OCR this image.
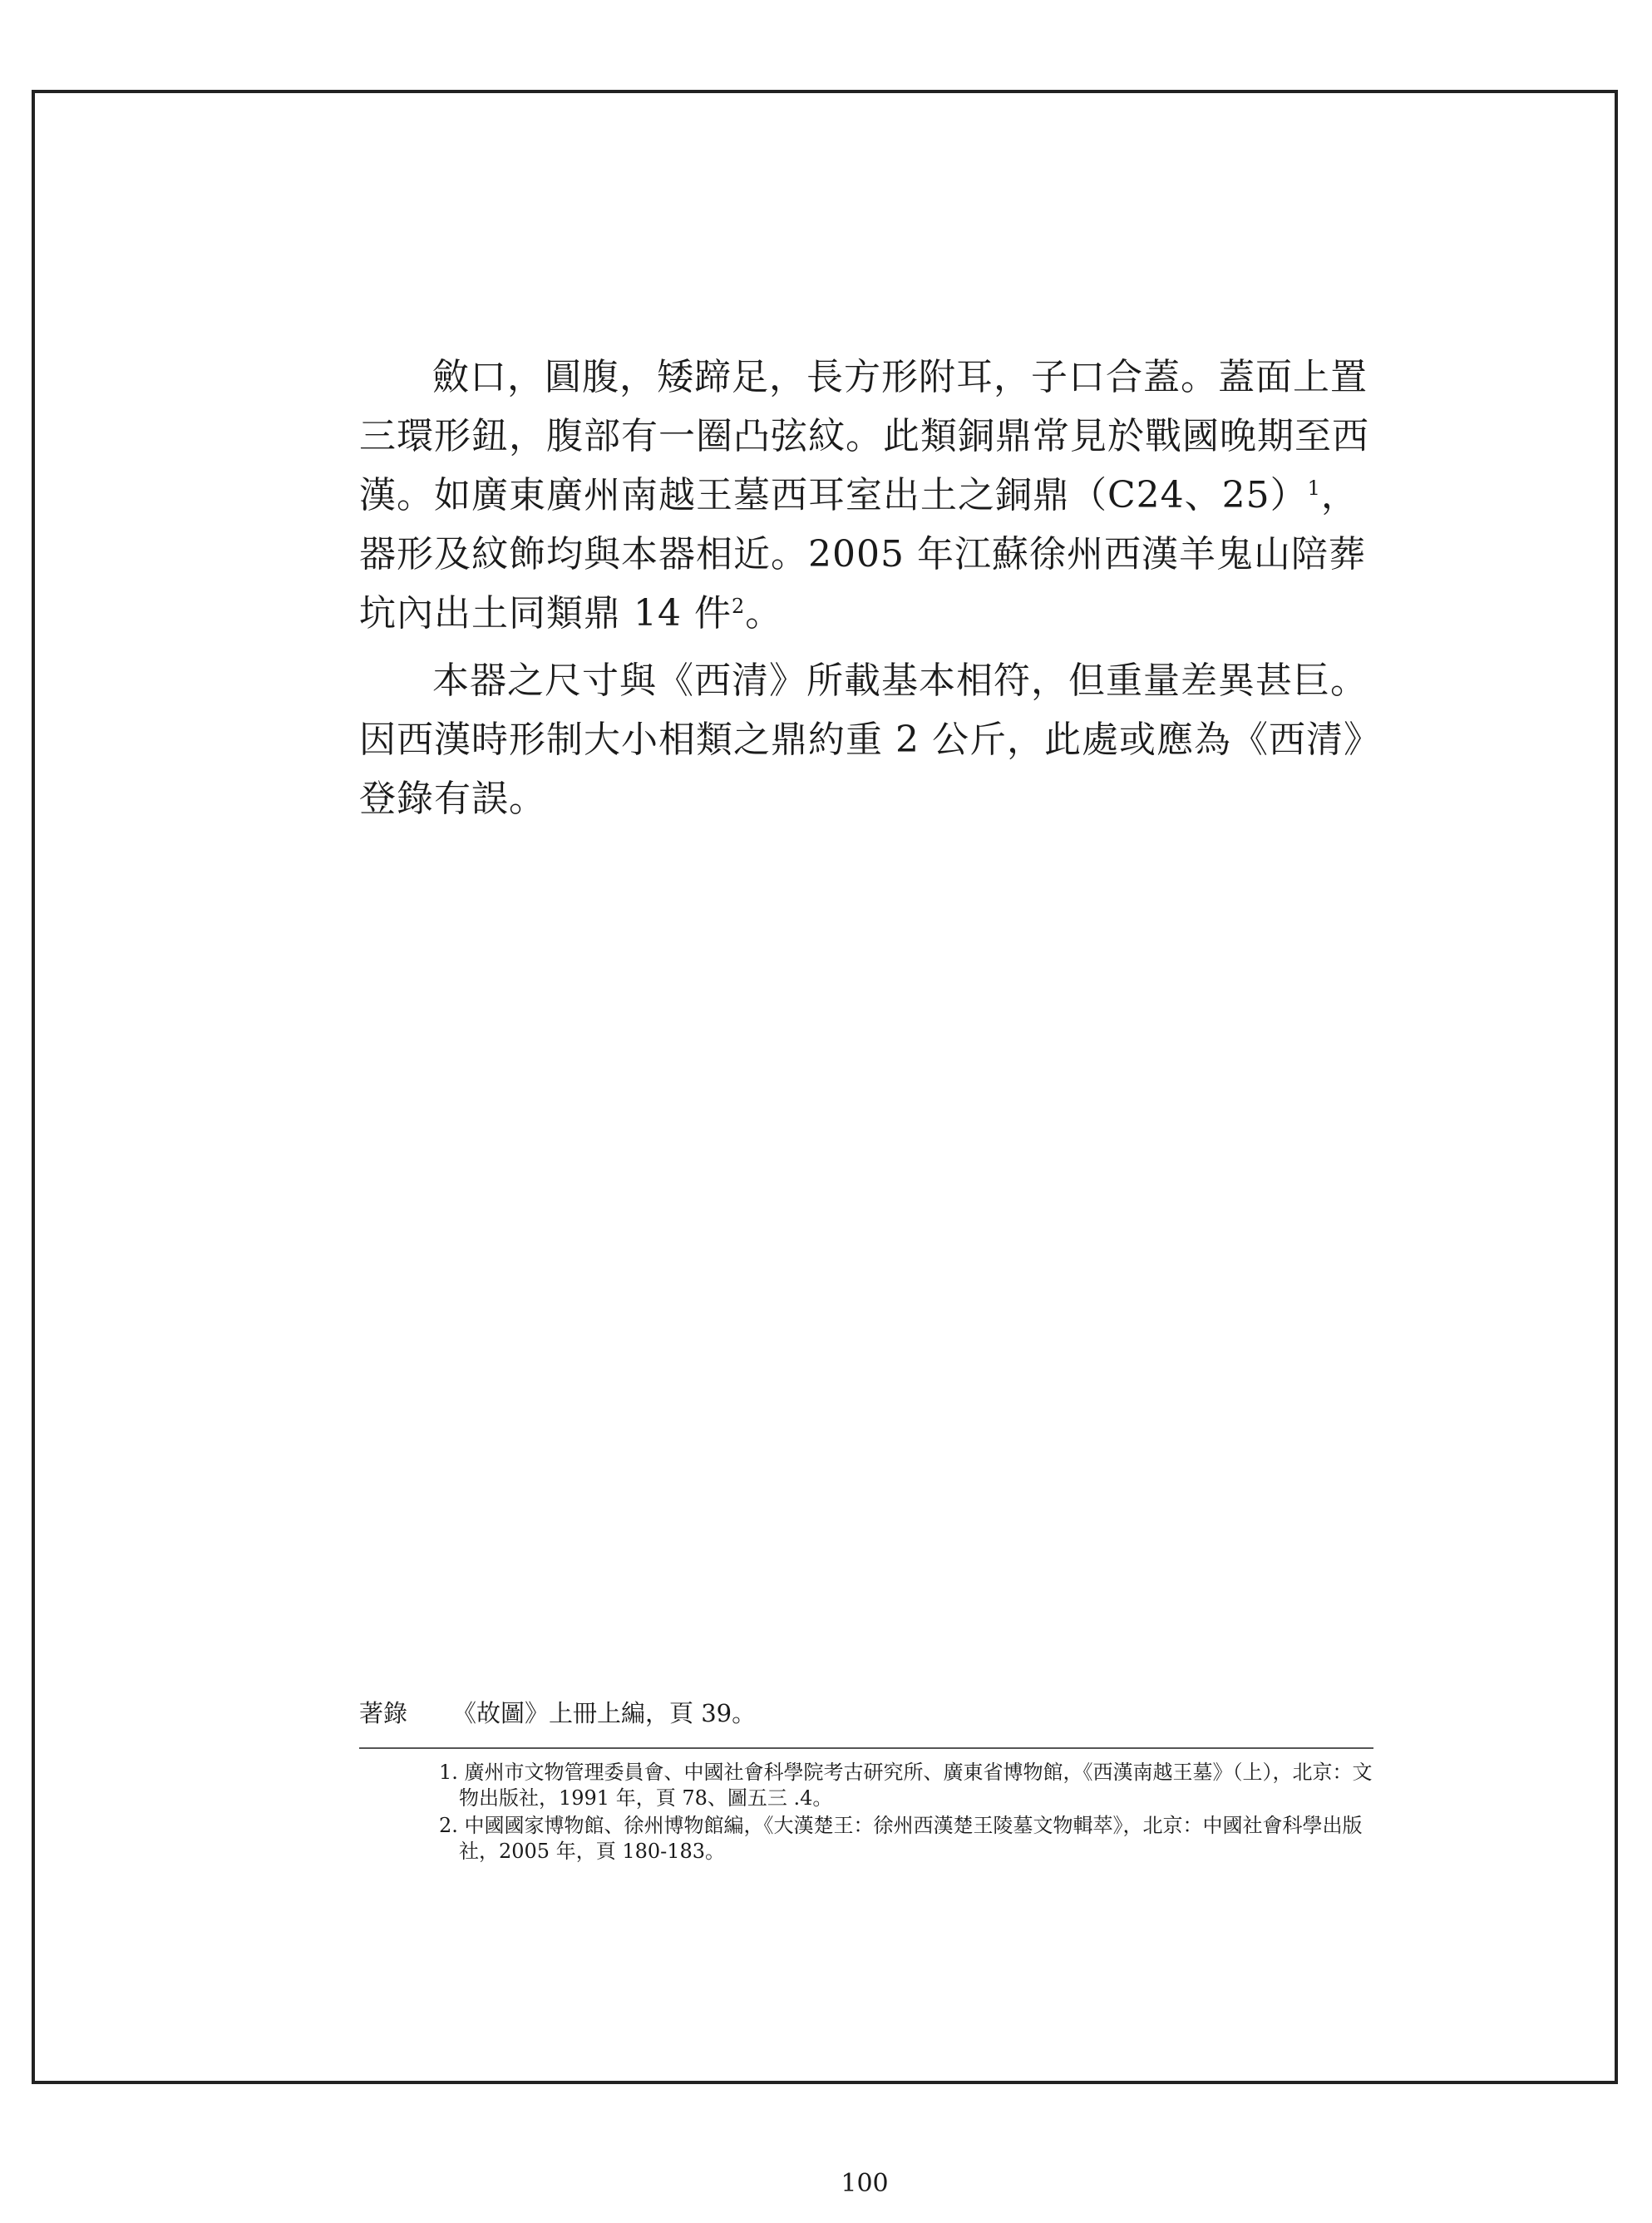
斂口，圓腹，矮蹄足，長方形附耳，子口合蓋。蓋面上置三環形鈕，腹部有一圈凸弦紋。此類銅鼎常見於戰國晚期至西漢。如廣東廣州南越王墓西耳室出土之銅鼎（C24、25）$^1$，器形及紋飾均與本器相近。2005 年江蘇徐州西漢羊鬼山陪葬坑內出土同類鼎 14 件$^2$。

本器之尺寸與《西清》所載基本相符，但重量差異甚巨。因西漢時形制大小相類之鼎約重 2 公斤，此處或應為《西清》登錄有誤。

著錄 《故圖》上冊上編，頁 39。
1. 廣州市文物管理委員會、中國社會科學院考古研究所、廣東省博物館，《西漢南越王墓》（上），北京：文物出版社，1991 年，頁 78、圖五三 .4。
2. 中國國家博物館、徐州博物館編，《大漢楚王：徐州西漢楚王陵墓文物輯萃》，北京：中國社會科學出版社，2005 年，頁 180-183。
100
